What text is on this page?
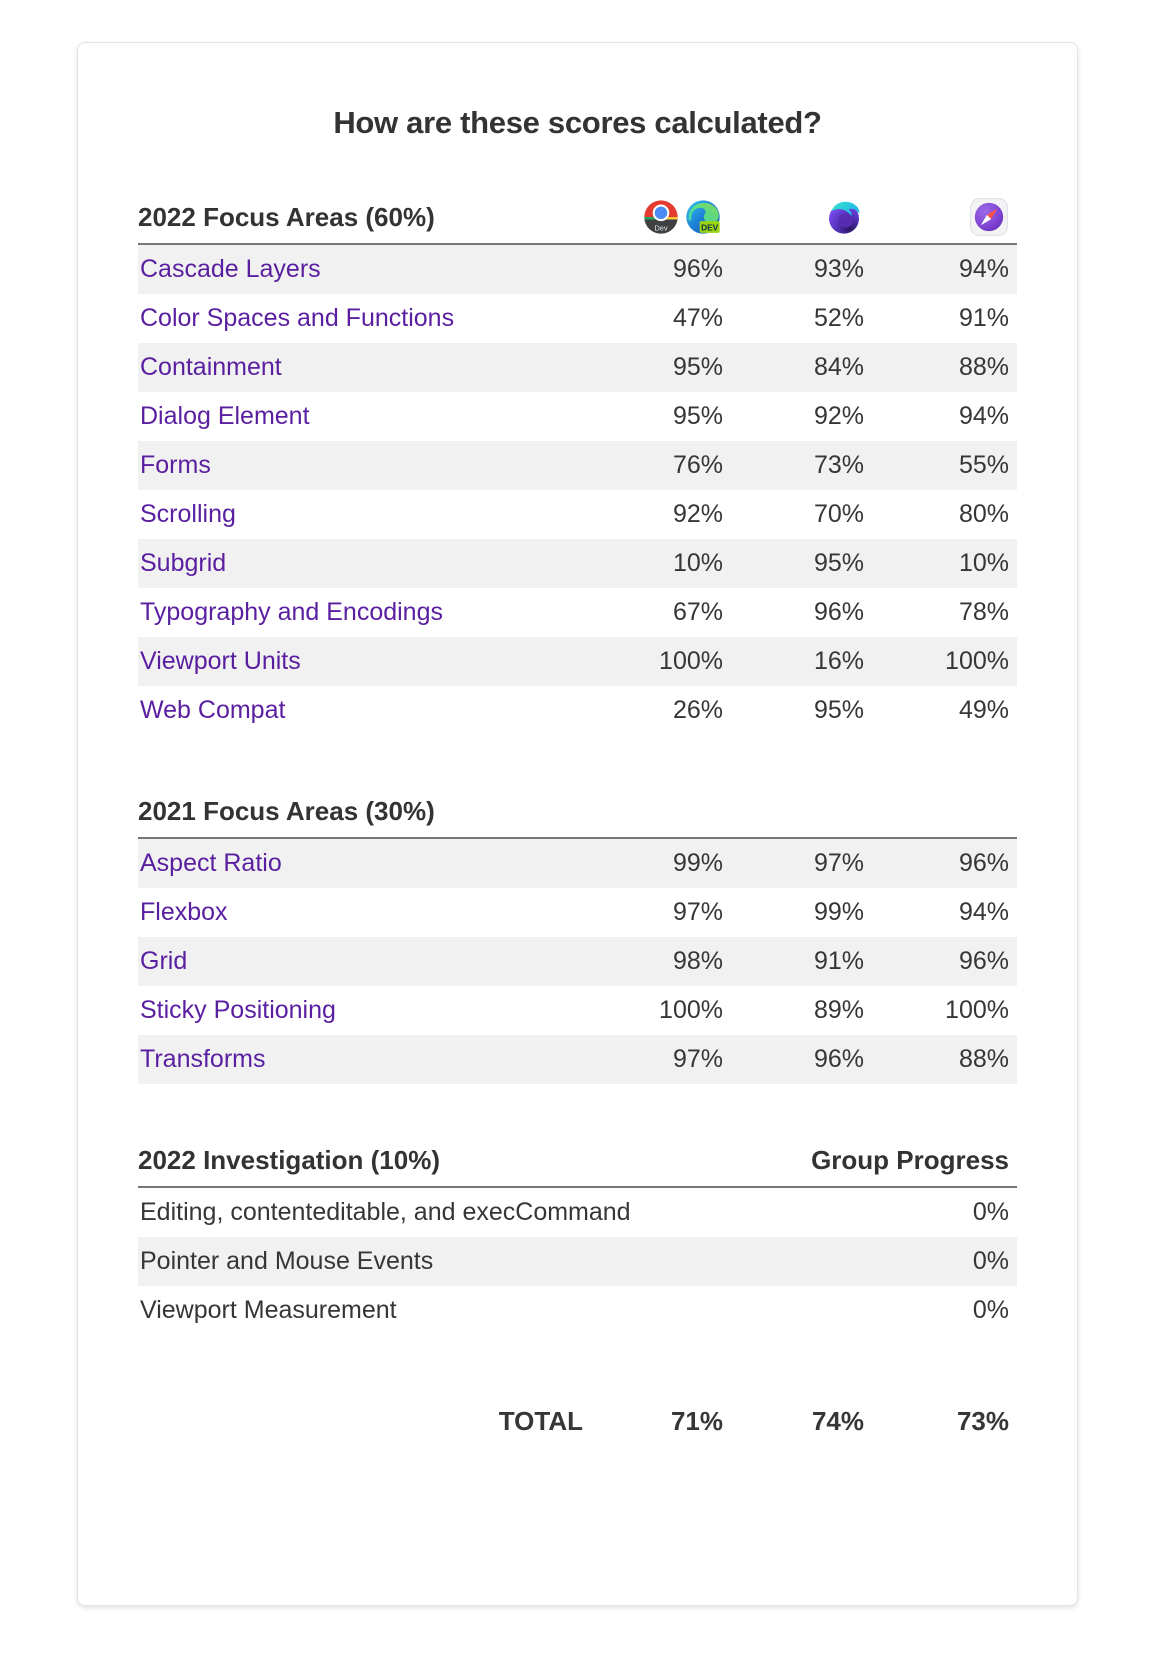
How are these scores calculated?
2022 Focus Areas (60%)	Dev	DEV
Cascade Layers	96%	93%	94%
Color Spaces and Functions	47%	52%	91%
Containment	95%	84%	88%
Dialog Element	95%	92%	94%
Forms	76%	73%	55%
Scrolling	92%	70%	80%
Subgrid	10%	95%	10%
Typography and Encodings	67%	96%	78%
Viewport Units	100%	16%	100%
Web Compat	26%	95%	49%
2021 Focus Areas (30%)
Aspect Ratio	99%	97%	96%
Flexbox	97%	99%	94%
Grid	98%	91%	96%
Sticky Positioning	100%	89%	100%
Transforms	97%	96%	88%
2022 Investigation (10%)	Group Progress
Editing, contenteditable, and execCommand	0%
Pointer and Mouse Events	0%
Viewport Measurement	0%
TOTAL	71%	74%	73%
